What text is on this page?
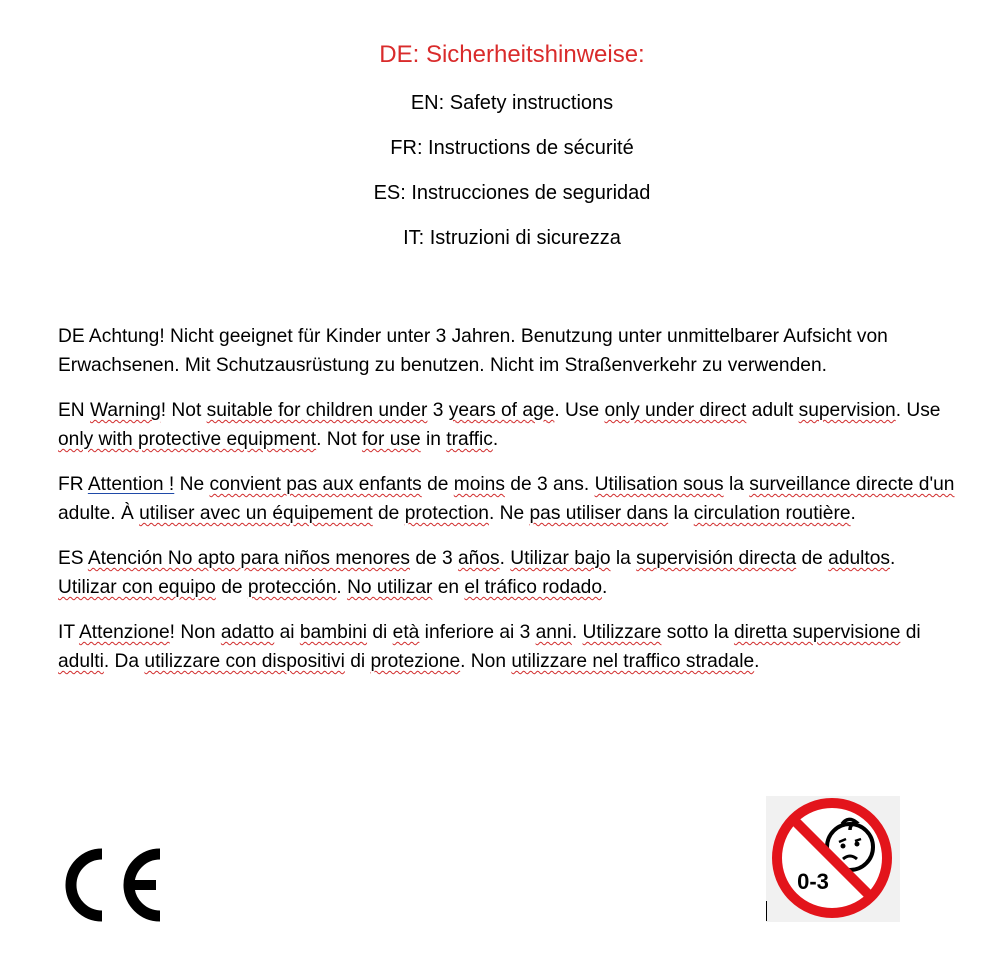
DE: Sicherheitshinweise:
EN: Safety instructions
FR: Instructions de sécurité
ES: Instrucciones de seguridad
IT: Istruzioni di sicurezza
DE Achtung! Nicht geeignet für Kinder unter 3 Jahren. Benutzung unter unmittelbarer Aufsicht von Erwachsenen. Mit Schutzausrüstung zu benutzen. Nicht im Straßenverkehr zu verwenden.
EN Warning! Not suitable for children under 3 years of age. Use only under direct adult supervision. Use only with protective equipment. Not for use in traffic.
FR Attention ! Ne convient pas aux enfants de moins de 3 ans. Utilisation sous la surveillance directe d'un adulte. À utiliser avec un équipement de protection. Ne pas utiliser dans la circulation routière.
ES Atención No apto para niños menores de 3 años. Utilizar bajo la supervisión directa de adultos. Utilizar con equipo de protección. No utilizar en el tráfico rodado.
IT Attenzione! Non adatto ai bambini di età inferiore ai 3 anni. Utilizzare sotto la diretta supervisione di adulti. Da utilizzare con dispositivi di protezione. Non utilizzare nel traffico stradale.
0-3
